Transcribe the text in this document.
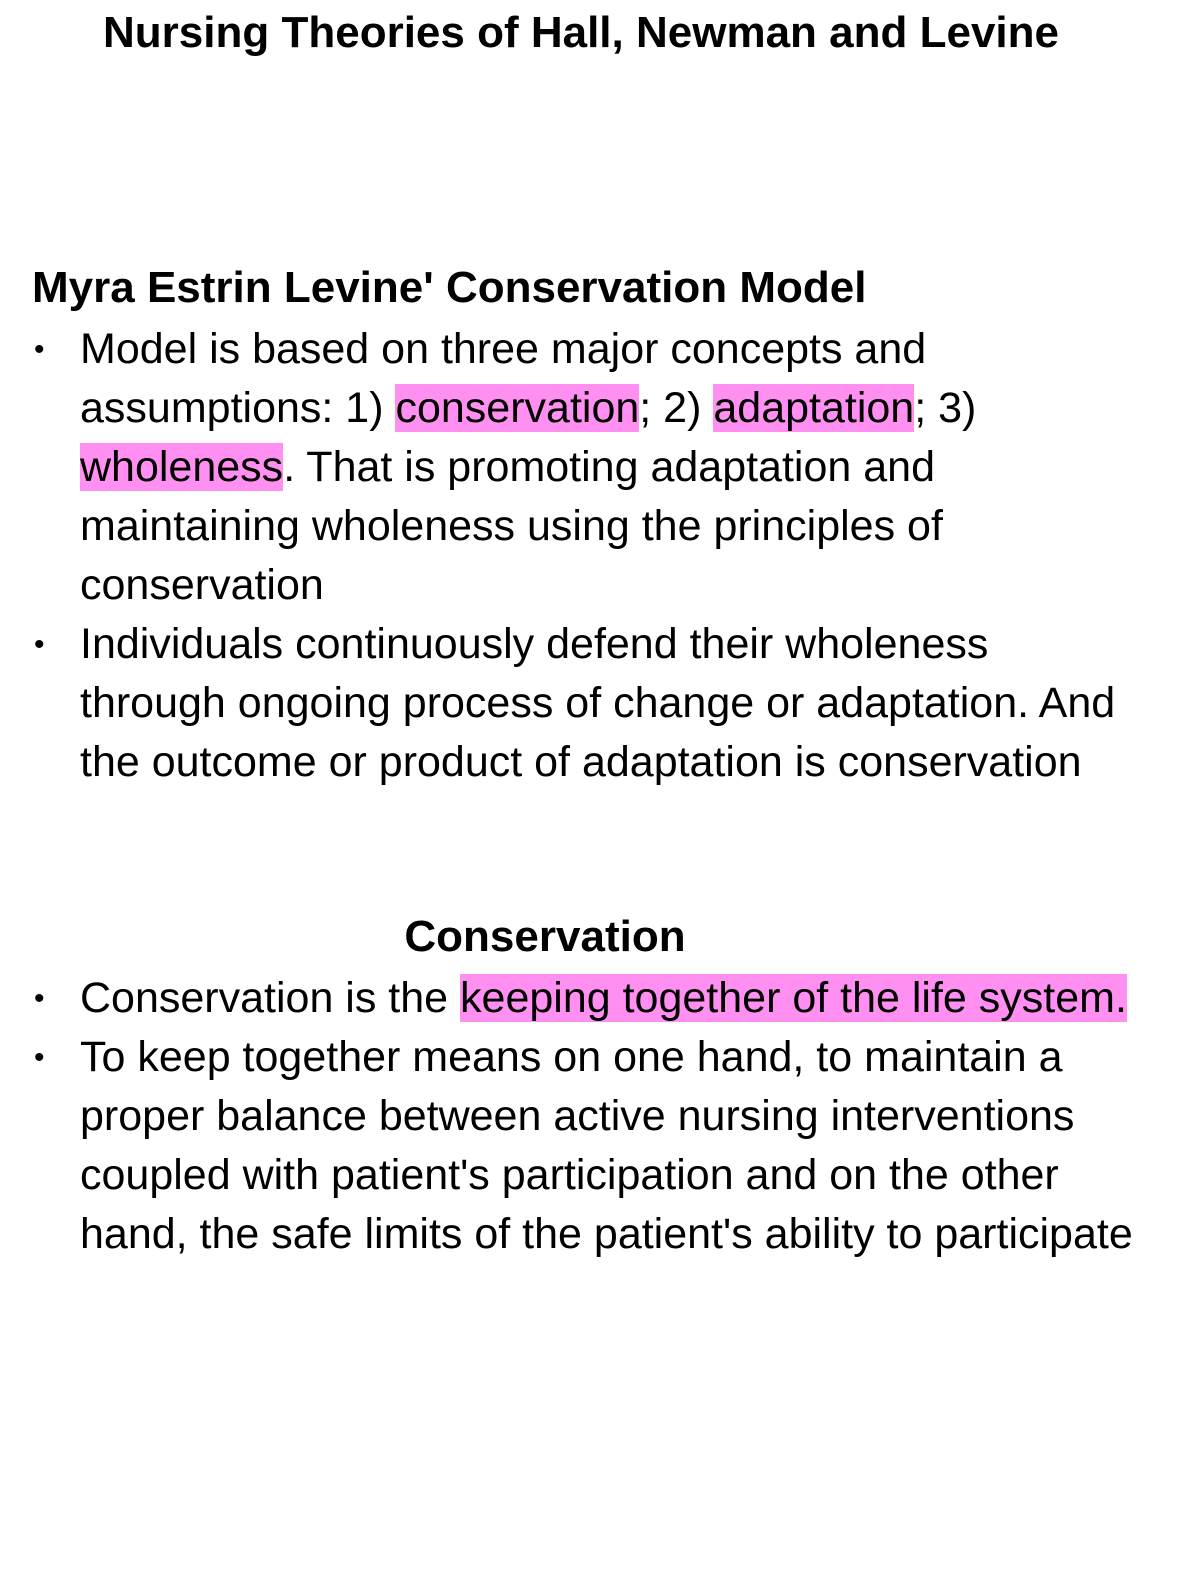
Nursing Theories of Hall, Newman and Levine
Myra Estrin Levine' Conservation Model
• Model is based on three major concepts and assumptions: 1) conservation; 2) adaptation; 3) wholeness. That is promoting adaptation and maintaining wholeness using the principles of conservation
• Individuals continuously defend their wholeness through ongoing process of change or adaptation. And the outcome or product of adaptation is conservation
Conservation
• Conservation is the keeping together of the life system.
• To keep together means on one hand, to maintain a proper balance between active nursing interventions coupled with patient's participation and on the other hand, the safe limits of the patient's ability to participate
